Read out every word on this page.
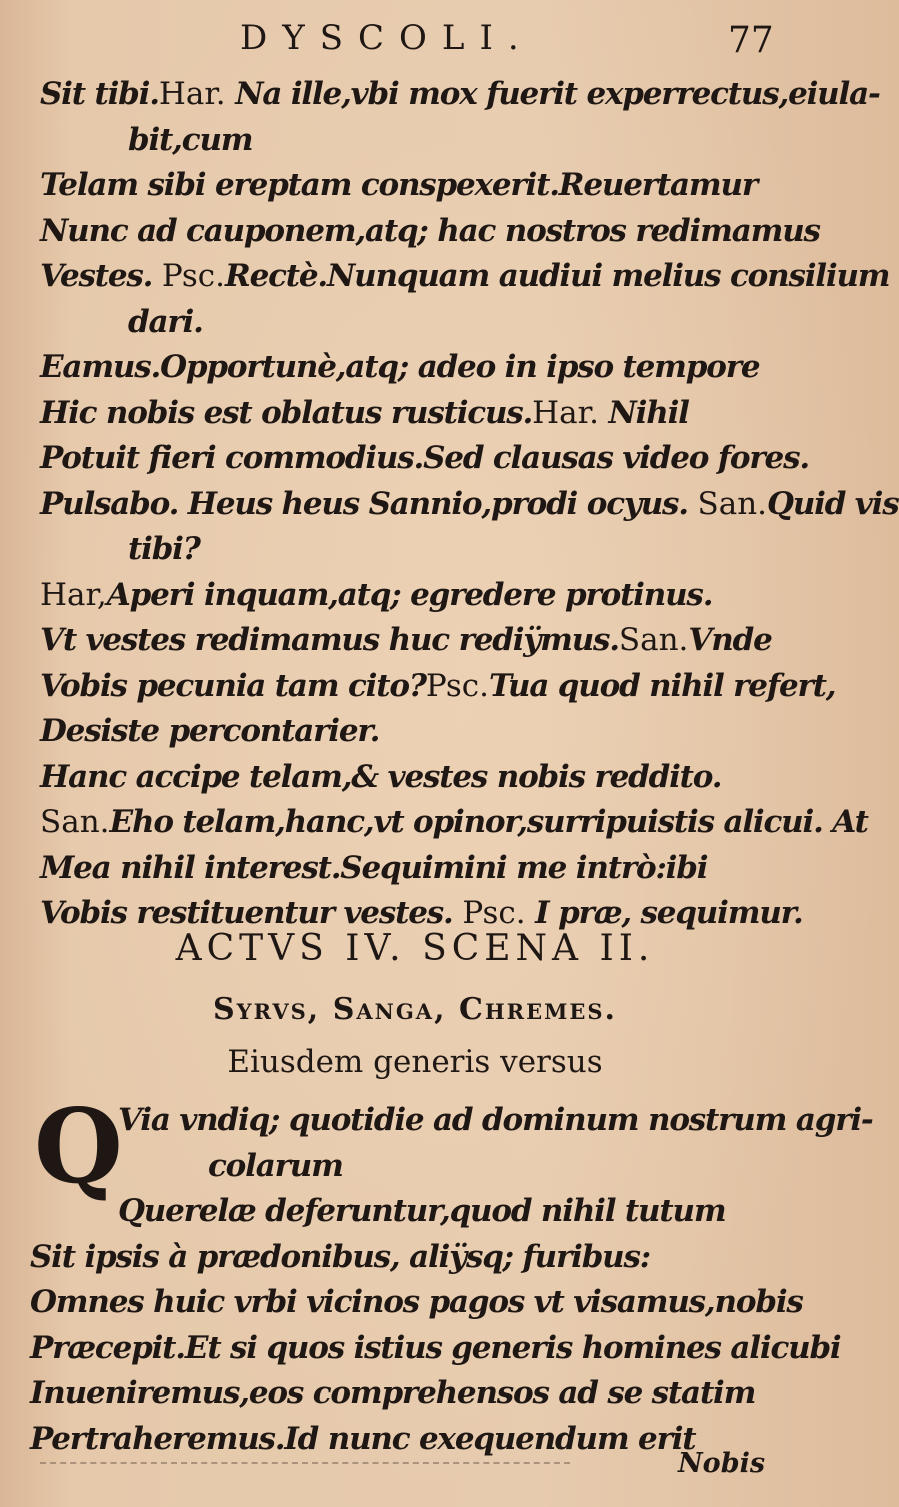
DYSCOLI.	77
Sit tibi.Har. Na ille,vbi mox fuerit experrectus,eiula-
bit,cum
Telam sibi ereptam conspexerit.Reuertamur
Nunc ad cauponem,atq; hac nostros redimamus
Vestes. Psc.Rectè.Nunquam audiui melius consilium
dari.
Eamus.Opportunè,atq; adeo in ipso tempore
Hic nobis est oblatus rusticus.Har. Nihil
Potuit fieri commodius.Sed clausas video fores.
Pulsabo. Heus heus Sannio,prodi ocyus. San.Quid vis
tibi?
Har,Aperi inquam,atq; egredere protinus.
Vt vestes redimamus huc rediÿmus.San.Vnde
Vobis pecunia tam cito?Psc.Tua quod nihil refert,
Desiste percontarier.
Hanc accipe telam,& vestes nobis reddito.
San.Eho telam,hanc,vt opinor,surripuistis alicui. At
Mea nihil interest.Sequimini me intrò:ibi
Vobis restituentur vestes. Psc. I præ, sequimur.
ACTVS IV. SCENA II.
Syrvs, Sanga, Chremes.
Eiusdem generis versus
Q
Via vndiq; quotidie ad dominum nostrum agri-
colarum
Querelæ deferuntur,quod nihil tutum
Sit ipsis à prædonibus, aliÿsq; furibus:
Omnes huic vrbi vicinos pagos vt visamus,nobis
Præcepit.Et si quos istius generis homines alicubi
Inueniremus,eos comprehensos ad se statim
Pertraheremus.Id nunc exequendum erit
Nobis
